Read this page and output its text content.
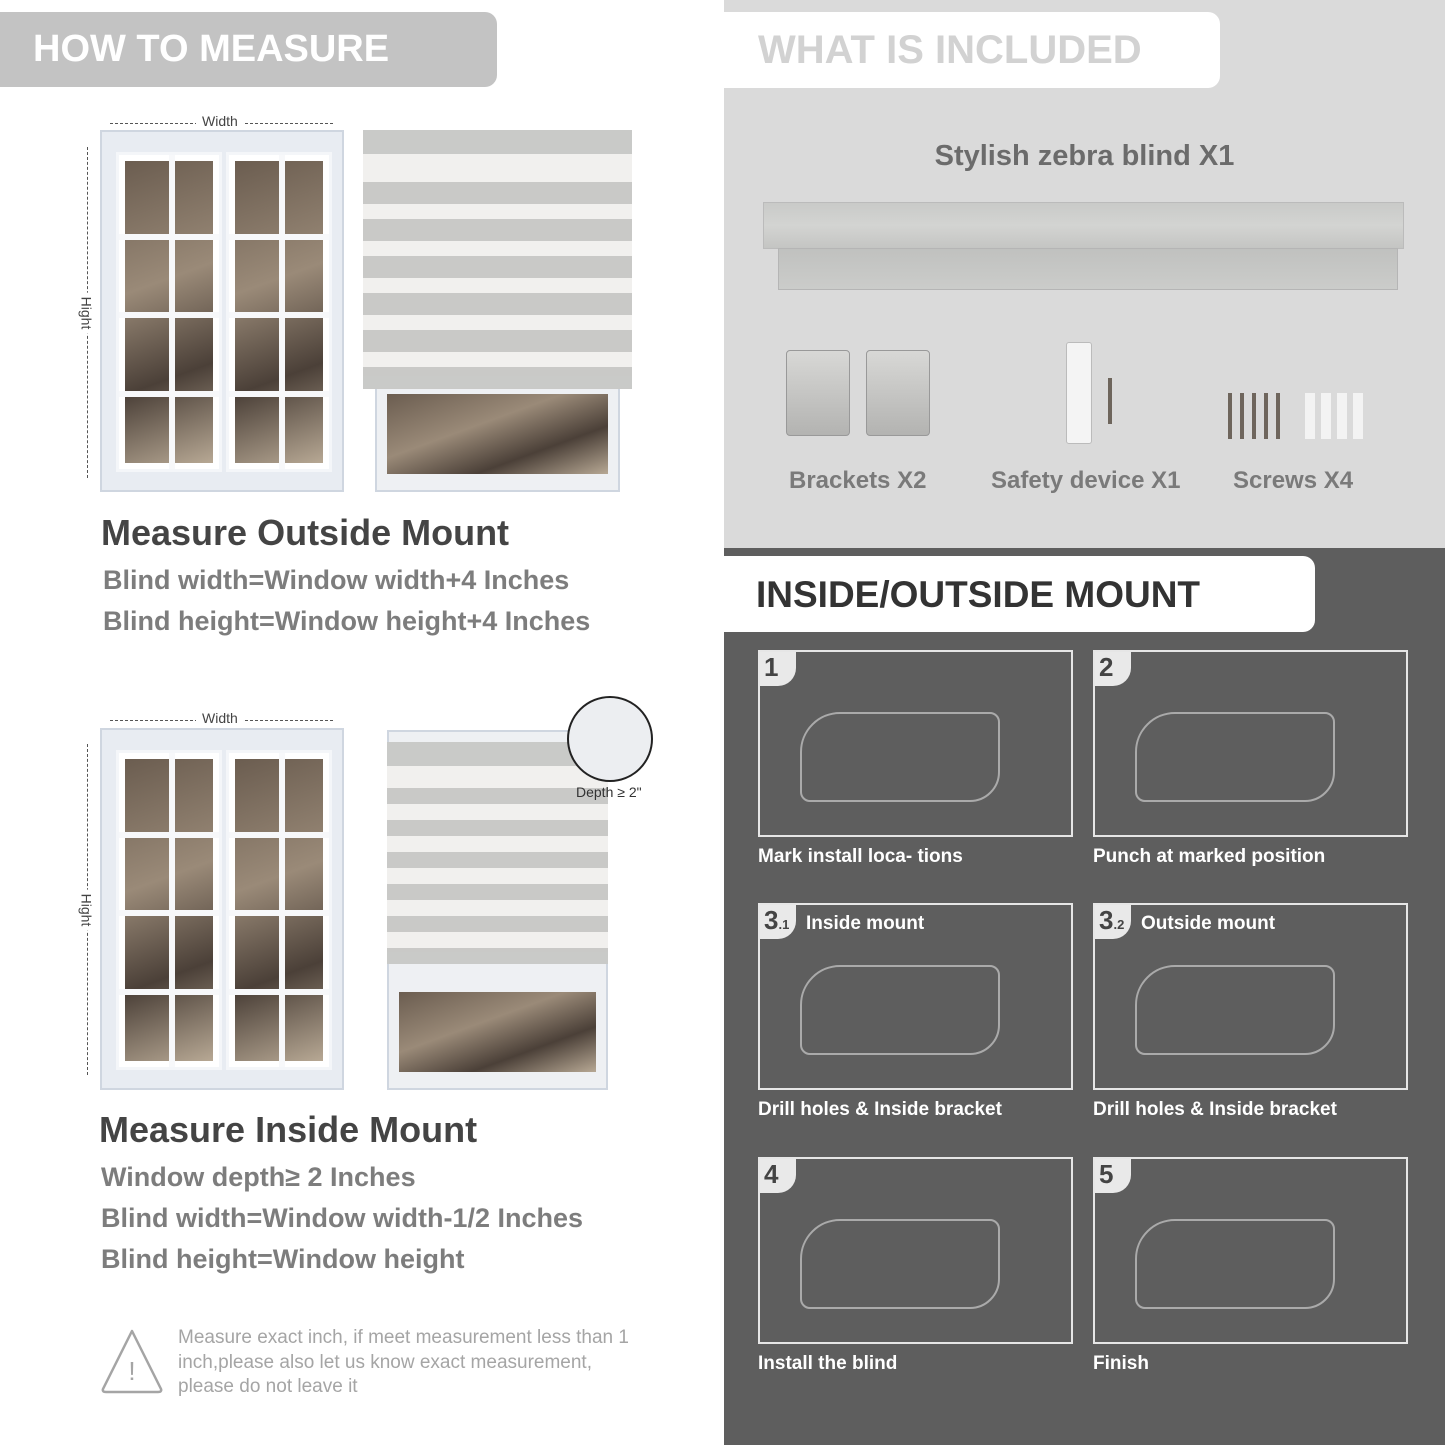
HOW TO MEASURE
Width
Hight
Measure Outside Mount
Blind width=Window width+4 Inches
Blind height=Window height+4 Inches
Width
Hight
Depth ≥ 2"
Measure Inside Mount
Window depth≥ 2 Inches
Blind width=Window width-1/2 Inches
Blind height=Window height
!
Measure exact inch, if meet measurement less than 1 inch,please also let us know exact measurement, please do not leave it
WHAT IS INCLUDED
Stylish zebra blind X1
Brackets X2	Safety device X1 Screws X4
INSIDE/OUTSIDE MOUNT
1
Mark install loca- tions
2
Punch at marked position
3.1 Inside mount
Drill holes & Inside bracket
3.2 Outside mount
Drill holes & Inside bracket
4
Install the blind
5
Finish
